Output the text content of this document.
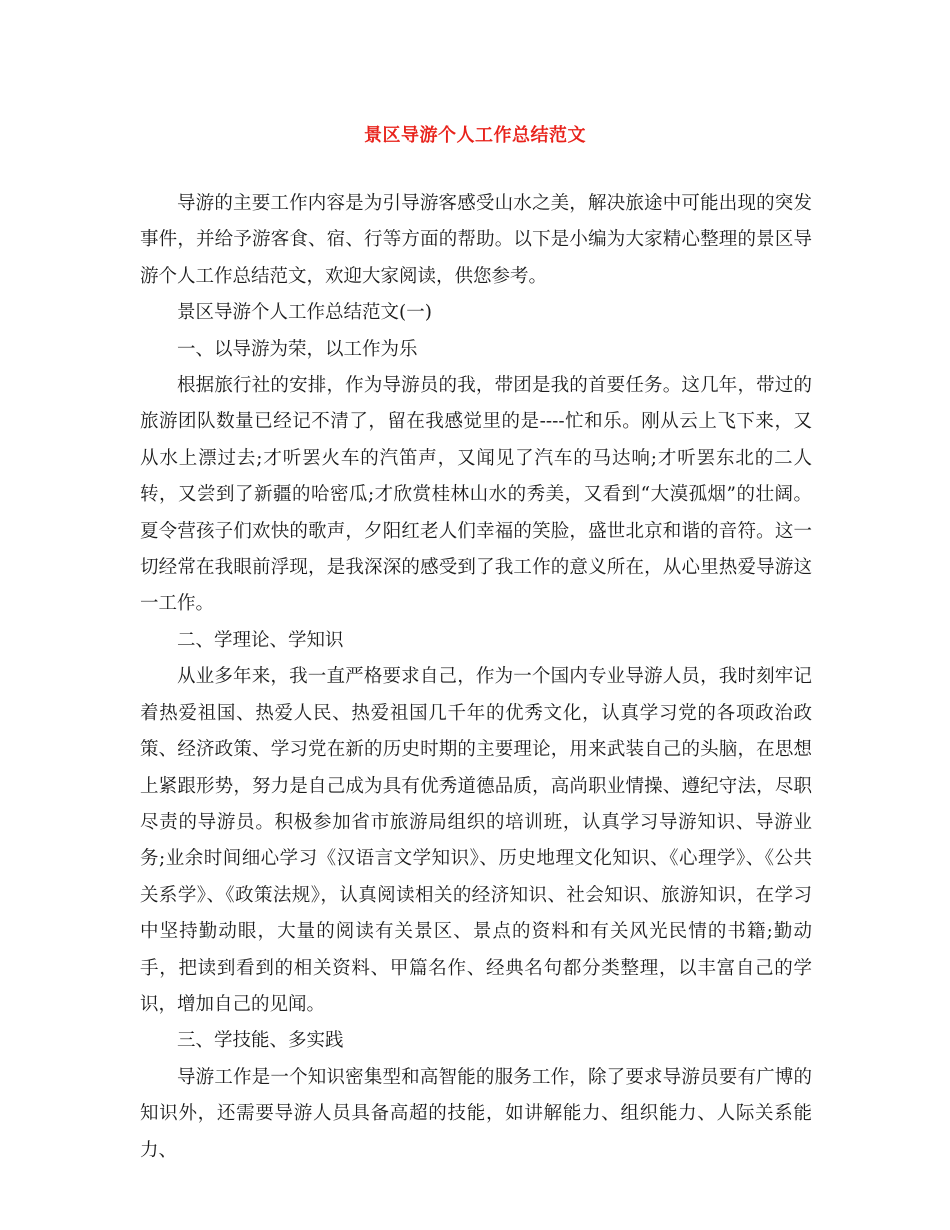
景区导游个人工作总结范文

导游的主要工作内容是为引导游客感受山水之美，解决旅途中可能出现的突发事件，并给予游客食、宿、行等方面的帮助。以下是小编为大家精心整理的景区导游个人工作总结范文，欢迎大家阅读，供您参考。

景区导游个人工作总结范文(一)

一、以导游为荣，以工作为乐

根据旅行社的安排，作为导游员的我，带团是我的首要任务。这几年，带过的旅游团队数量已经记不清了，留在我感觉里的是----忙和乐。刚从云上飞下来，又从水上漂过去;才听罢火车的汽笛声，又闻见了汽车的马达响;才听罢东北的二人转，又尝到了新疆的哈密瓜;才欣赏桂林山水的秀美，又看到“大漠孤烟”的壮阔。夏令营孩子们欢快的歌声，夕阳红老人们幸福的笑脸，盛世北京和谐的音符。这一切经常在我眼前浮现，是我深深的感受到了我工作的意义所在，从心里热爱导游这一工作。

二、学理论、学知识

从业多年来，我一直严格要求自己，作为一个国内专业导游人员，我时刻牢记着热爱祖国、热爱人民、热爱祖国几千年的优秀文化，认真学习党的各项政治政策、经济政策、学习党在新的历史时期的主要理论，用来武装自己的头脑，在思想上紧跟形势，努力是自己成为具有优秀道德品质，高尚职业情操、遵纪守法，尽职尽责的导游员。积极参加省市旅游局组织的培训班，认真学习导游知识、导游业务;业余时间细心学习《汉语言文学知识》、历史地理文化知识、《心理学》、《公共关系学》、《政策法规》，认真阅读相关的经济知识、社会知识、旅游知识，在学习中坚持勤动眼，大量的阅读有关景区、景点的资料和有关风光民情的书籍;勤动手，把读到看到的相关资料、甲篇名作、经典名句都分类整理，以丰富自己的学识，增加自己的见闻。

三、学技能、多实践

导游工作是一个知识密集型和高智能的服务工作，除了要求导游员要有广博的知识外，还需要导游人员具备高超的技能，如讲解能力、组织能力、人际关系能力、
